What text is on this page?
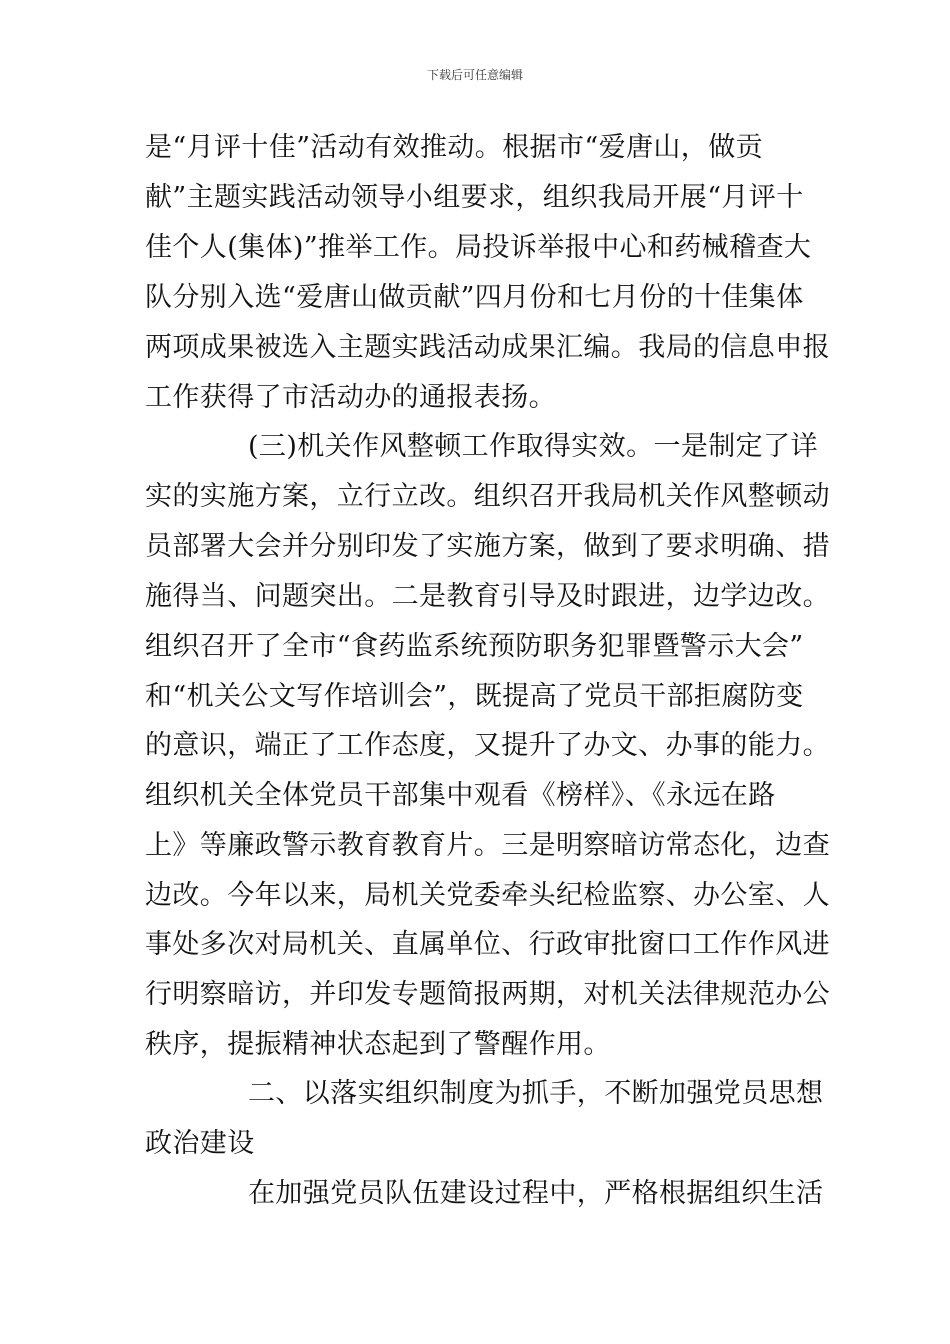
下载后可任意编辑
是“月评十佳”活动有效推动。根据市“爱唐山，做贡
献”主题实践活动领导小组要求，组织我局开展“月评十
佳个人(集体)”推举工作。局投诉举报中心和药械稽查大
队分别入选“爱唐山做贡献”四月份和七月份的十佳集体
两项成果被选入主题实践活动成果汇编。我局的信息申报
工作获得了市活动办的通报表扬。
(三)机关作风整顿工作取得实效。一是制定了详
实的实施方案，立行立改。组织召开我局机关作风整顿动
员部署大会并分别印发了实施方案，做到了要求明确、措
施得当、问题突出。二是教育引导及时跟进，边学边改。
组织召开了全市“食药监系统预防职务犯罪暨警示大会”
和“机关公文写作培训会”，既提高了党员干部拒腐防变
的意识，端正了工作态度，又提升了办文、办事的能力。
组织机关全体党员干部集中观看《榜样》、《永远在路
上》等廉政警示教育教育片。三是明察暗访常态化，边查
边改。今年以来，局机关党委牵头纪检监察、办公室、人
事处多次对局机关、直属单位、行政审批窗口工作作风进
行明察暗访，并印发专题简报两期，对机关法律规范办公
秩序，提振精神状态起到了警醒作用。
二、以落实组织制度为抓手，不断加强党员思想
政治建设
在加强党员队伍建设过程中，严格根据组织生活
